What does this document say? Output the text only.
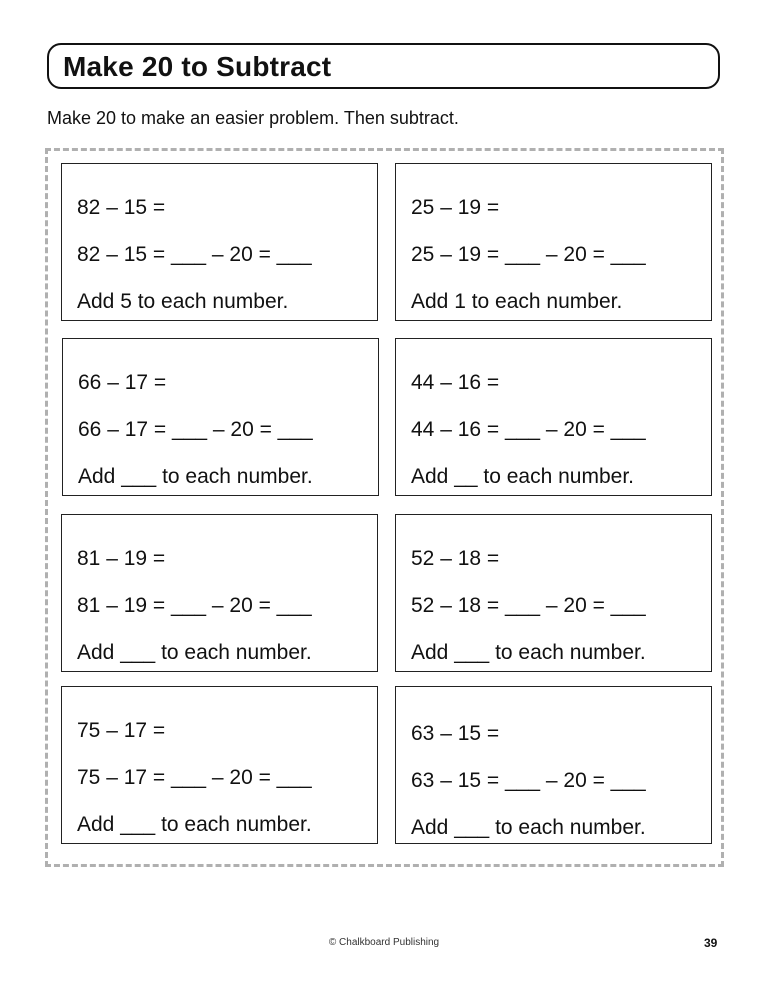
Make 20 to Subtract
Make 20 to make an easier problem. Then subtract.
82 – 15 =
82 – 15 = ___ – 20 = ___
Add 5 to each number.
25 – 19 =
25 – 19 = ___ – 20 = ___
Add 1 to each number.
66 – 17 =
66 – 17 = ___ – 20 = ___
Add ___ to each number.
44 – 16 =
44 – 16 = ___ – 20 = ___
Add __ to each number.
81 – 19 =
81 – 19 = ___ – 20 = ___
Add ___ to each number.
52 – 18 =
52 – 18 = ___ – 20 = ___
Add ___ to each number.
75 – 17 =
75 – 17 = ___ – 20 = ___
Add ___ to each number.
63 – 15 =
63 – 15 = ___ – 20 = ___
Add ___ to each number.
© Chalkboard Publishing	39
